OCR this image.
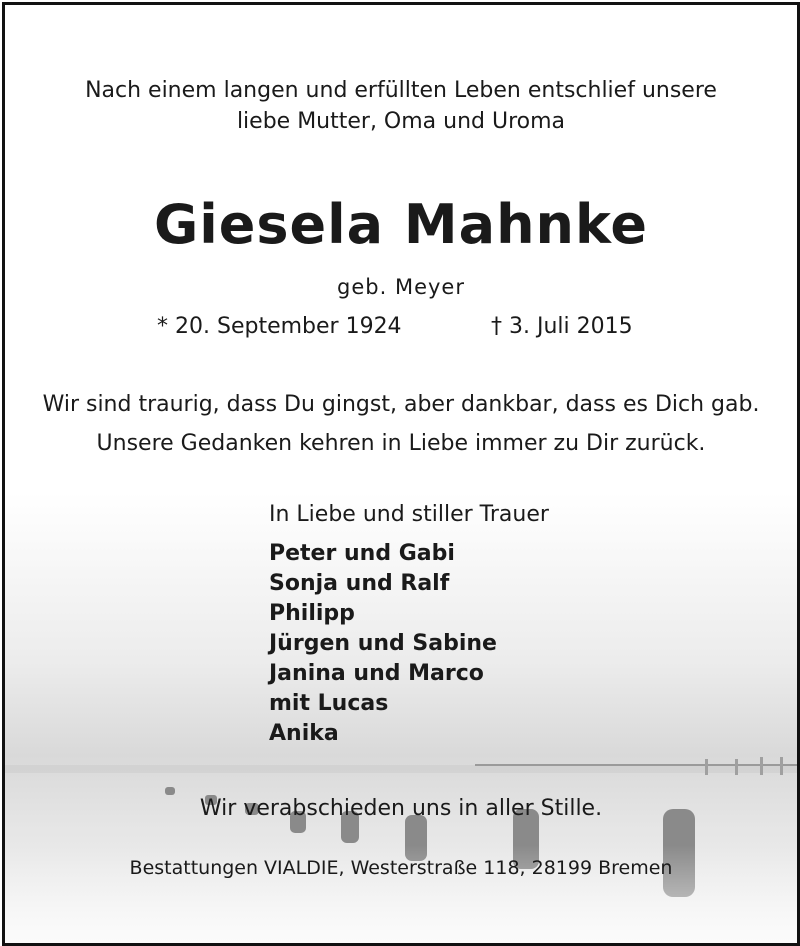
Nach einem langen und erfüllten Leben entschlief unsere
liebe Mutter, Oma und Uroma
Giesela Mahnke
geb. Meyer
* 20. September 1924	† 3. Juli 2015
Wir sind traurig, dass Du gingst, aber dankbar, dass es Dich gab.
Unsere Gedanken kehren in Liebe immer zu Dir zurück.
In Liebe und stiller Trauer
Peter und Gabi
Sonja und Ralf
Philipp
Jürgen und Sabine
Janina und Marco
mit Lucas
Anika
Wir verabschieden uns in aller Stille.
Bestattungen VIALDIE, Westerstraße 118, 28199 Bremen
